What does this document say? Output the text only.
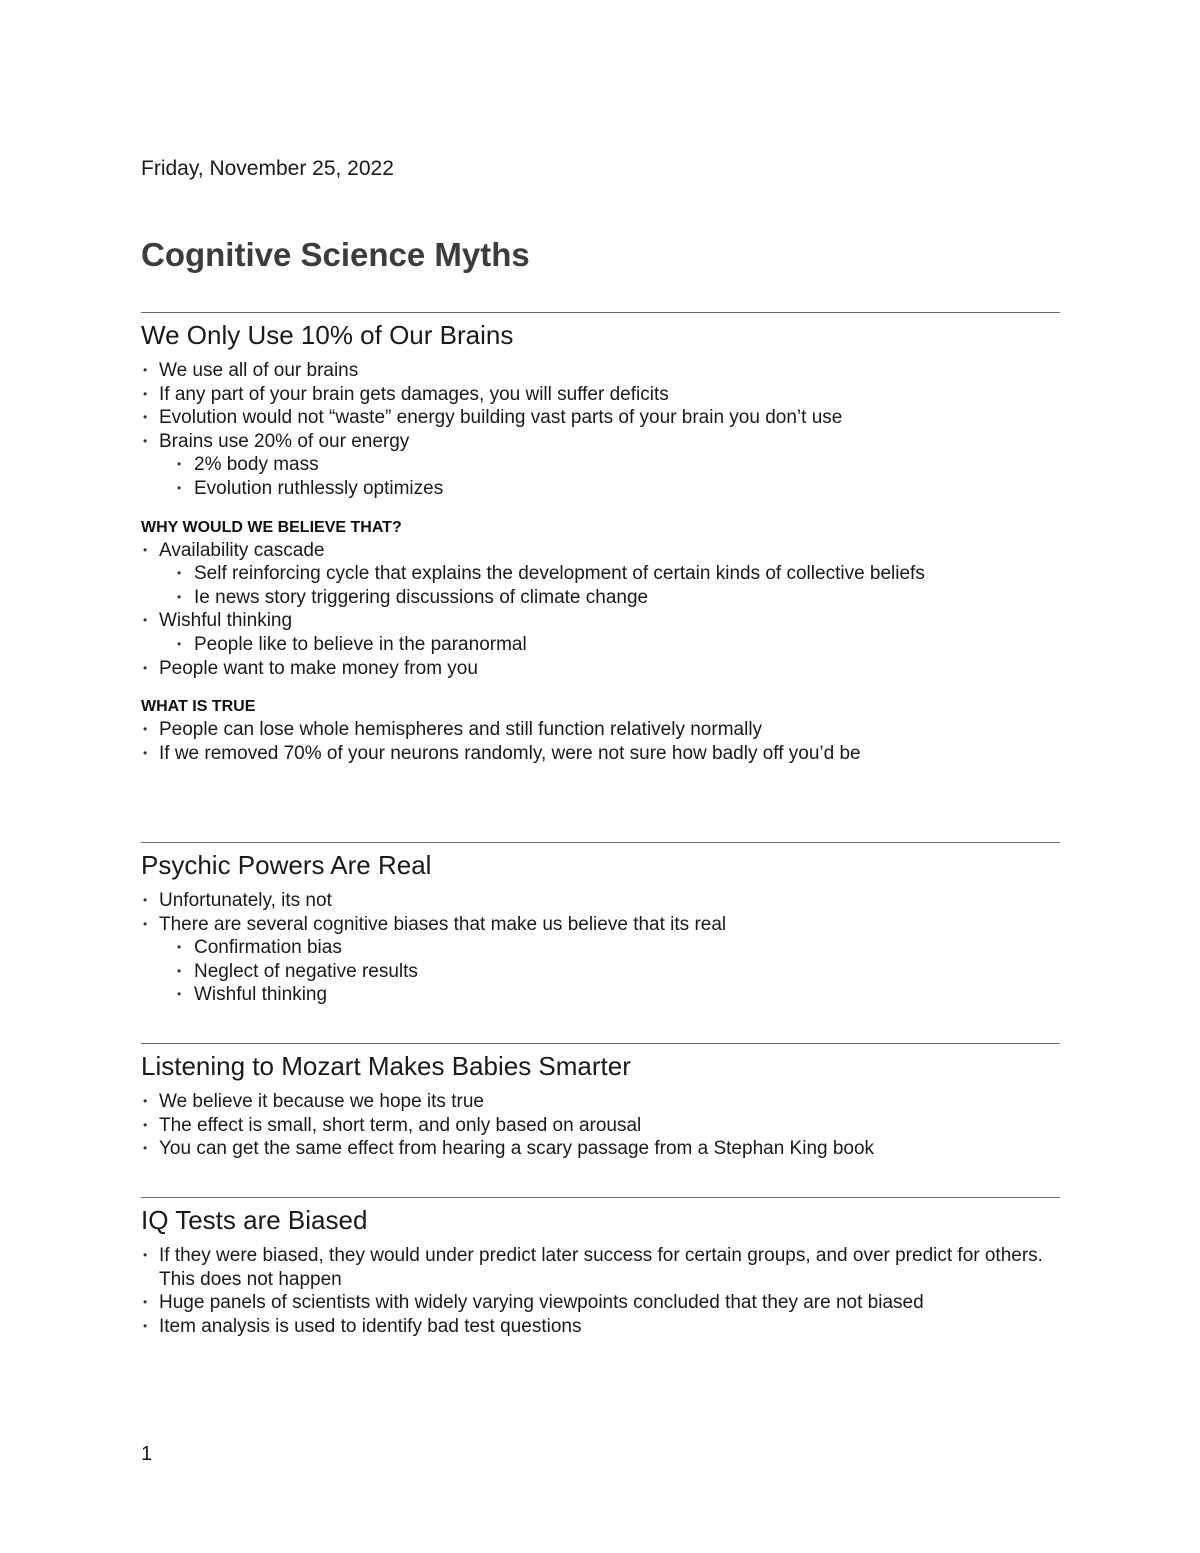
Friday, November 25, 2022
Cognitive Science Myths
We Only Use 10% of Our Brains
• We use all of our brains
• If any part of your brain gets damages, you will suffer deficits
• Evolution would not “waste” energy building vast parts of your brain you don’t use
• Brains use 20% of our energy
• 2% body mass
• Evolution ruthlessly optimizes
WHY WOULD WE BELIEVE THAT?
• Availability cascade
• Self reinforcing cycle that explains the development of certain kinds of collective beliefs
• Ie news story triggering discussions of climate change
• Wishful thinking
• People like to believe in the paranormal
• People want to make money from you
WHAT IS TRUE
• People can lose whole hemispheres and still function relatively normally
• If we removed 70% of your neurons randomly, were not sure how badly off you’d be
Psychic Powers Are Real
• Unfortunately, its not
• There are several cognitive biases that make us believe that its real
• Confirmation bias
• Neglect of negative results
• Wishful thinking
Listening to Mozart Makes Babies Smarter
• We believe it because we hope its true
• The effect is small, short term, and only based on arousal
• You can get the same effect from hearing a scary passage from a Stephan King book
IQ Tests are Biased
• If they were biased, they would under predict later success for certain groups, and over predict for others. This does not happen
• Huge panels of scientists with widely varying viewpoints concluded that they are not biased
• Item analysis is used to identify bad test questions
1
